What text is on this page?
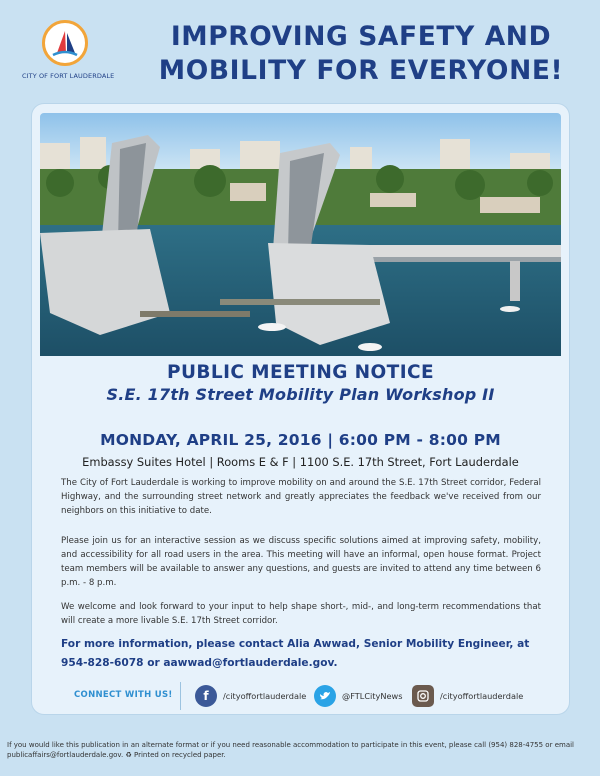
CITY OF FORT LAUDERDALE
IMPROVING SAFETY AND
MOBILITY FOR EVERYONE!
PUBLIC MEETING NOTICE
S.E. 17th Street Mobility Plan Workshop II
MONDAY, APRIL 25, 2016 | 6:00 PM - 8:00 PM
Embassy Suites Hotel | Rooms E & F | 1100 S.E. 17th Street, Fort Lauderdale
The City of Fort Lauderdale is working to improve mobility on and around the S.E. 17th Street corridor, Federal Highway, and the surrounding street network and greatly appreciates the feedback we've received from our neighbors on this initiative to date.
Please join us for an interactive session as we discuss specific solutions aimed at improving safety, mobility, and accessibility for all road users in the area. This meeting will have an informal, open house format. Project team members will be available to answer any questions, and guests are invited to attend any time between 6 p.m. - 8 p.m.
We welcome and look forward to your input to help shape short-, mid-, and long-term recommendations that will create a more livable S.E. 17th Street corridor.
For more information, please contact Alia Awwad, Senior Mobility Engineer, at 954-828-6078 or aawwad@fortlauderdale.gov.
CONNECT WITH US!	f	/cityoffortlauderdale	@FTLCityNews	/cityoffortlauderdale
If you would like this publication in an alternate format or if you need reasonable accommodation to participate in this event, please call (954) 828-4755 or email publicaffairs@fortlauderdale.gov. ♻ Printed on recycled paper.
